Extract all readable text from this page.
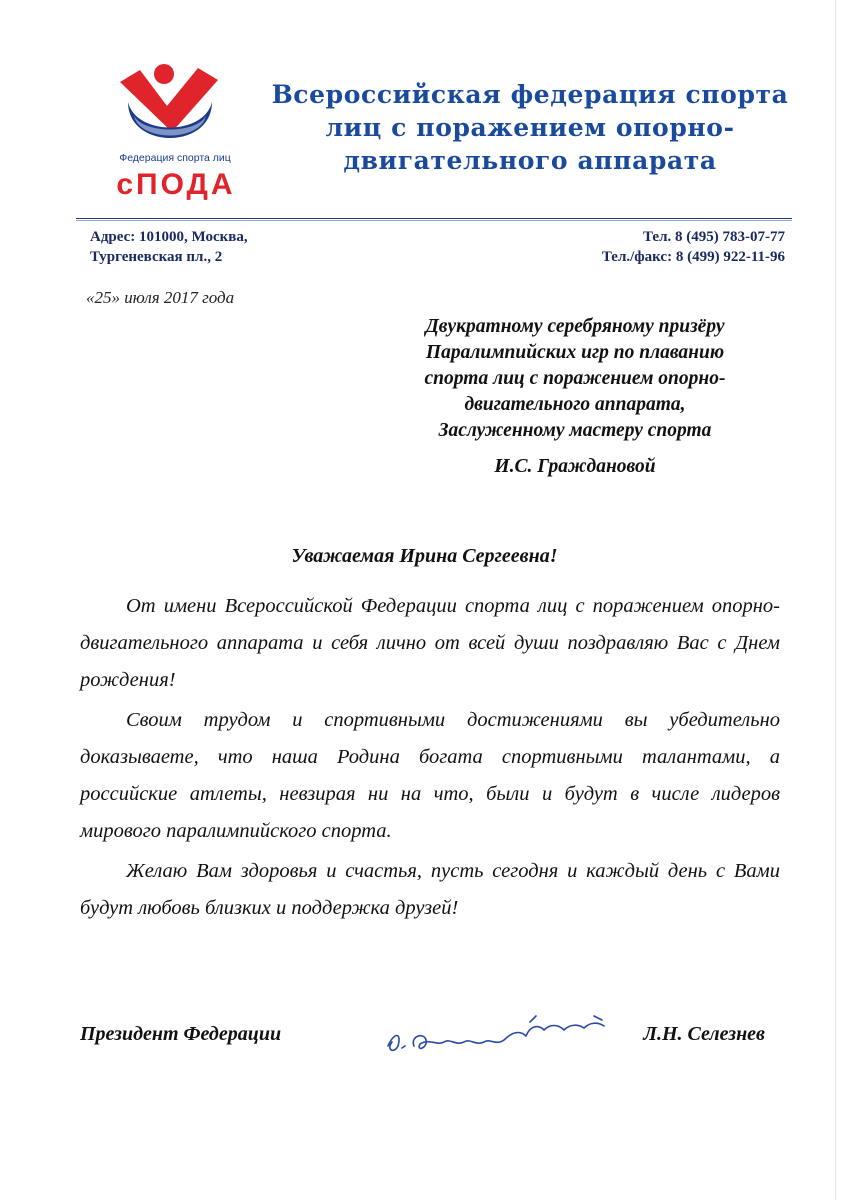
Федерация спорта лиц
сПОДА
Всероссийская федерация спорта
лиц с поражением опорно-
двигательного аппарата
Адрес: 101000, Москва,
Тургеневская пл., 2
Тел. 8 (495) 783-07-77
Тел./факс: 8 (499) 922-11-96
«25» июля 2017 года
Двукратному серебряному призёру
Паралимпийских игр по плаванию
спорта лиц с поражением опорно-
двигательного аппарата,
Заслуженному мастеру спорта
И.С. Граждановой
Уважаемая Ирина Сергеевна!

От имени Всероссийской Федерации спорта лиц с поражением опорно-двигательного аппарата и себя лично от всей души поздравляю Вас с Днем рождения!

Своим трудом и спортивными достижениями вы убедительно доказываете, что наша Родина богата спортивными талантами, а российские атлеты, невзирая ни на что, были и будут в числе лидеров мирового паралимпийского спорта.

Желаю Вам здоровья и счастья, пусть сегодня и каждый день с Вами будут любовь близких и поддержка друзей!

Президент Федерации	Л.Н. Селезнев
